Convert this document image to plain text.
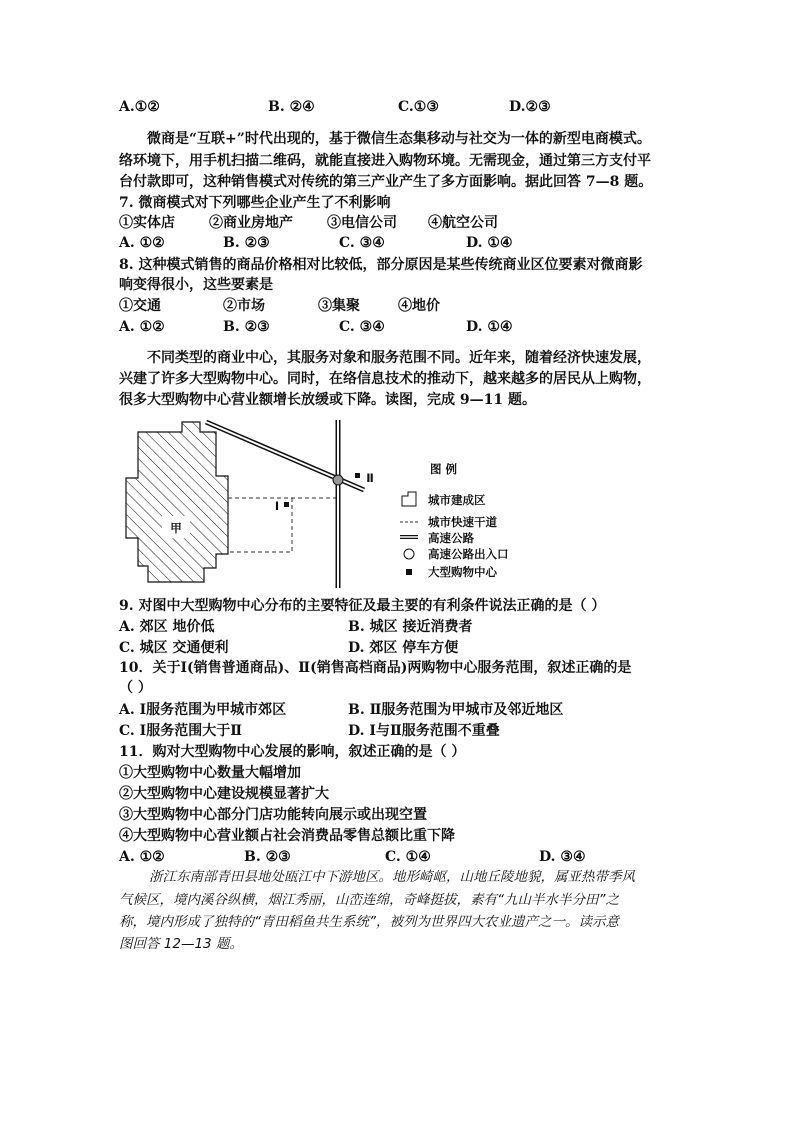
A.①②	B. ②④	C.①③	D.②③
微商是“互联+”时代出现的，基于微信生态集移动与社交为一体的新型电商模式。
络环境下，用手机扫描二维码，就能直接进入购物环境。无需现金，通过第三方支付平
台付款即可，这种销售模式对传统的第三产业产生了多方面影响。据此回答 7—8 题。
7. 微商模式对下列哪些企业产生了不利影响
①实体店 ②商业房地产 ③电信公司 ④航空公司
A. ①②	B. ②③	C. ③④	D. ①④
8. 这种模式销售的商品价格相对比较低，部分原因是某些传统商业区位要素对微商影
响变得很小，这些要素是
①交通	②市场	③集聚	④地价
A. ①②	B. ②③	C. ③④	D. ①④
不同类型的商业中心，其服务对象和服务范围不同。近年来，随着经济快速发展，
兴建了许多大型购物中心。同时，在络信息技术的推动下，越来越多的居民从上购物，
很多大型购物中心营业额增长放缓或下降。读图，完成 9—11 题。
甲
Ⅰ
Ⅱ
图 例
城市建成区
城市快速干道
高速公路
高速公路出入口
大型购物中心
9. 对图中大型购物中心分布的主要特征及最主要的有利条件说法正确的是（ ）
A. 郊区 地价低	B. 城区 接近消费者
C. 城区 交通便利	D. 郊区 停车方便
10．关于Ⅰ(销售普通商品)、Ⅱ(销售高档商品)两购物中心服务范围，叙述正确的是
（ ）
A. Ⅰ服务范围为甲城市郊区	B. Ⅱ服务范围为甲城市及邻近地区
C. Ⅰ服务范围大于Ⅱ	D. Ⅰ与Ⅱ服务范围不重叠
11．购对大型购物中心发展的影响，叙述正确的是（ ）
①大型购物中心数量大幅增加
②大型购物中心建设规模显著扩大
③大型购物中心部分门店功能转向展示或出现空置
④大型购物中心营业额占社会消费品零售总额比重下降
A. ①②	B. ②③	C. ①④	D. ③④
浙江东南部青田县地处瓯江中下游地区。地形崎岖，山地丘陵地貌，属亚热带季风
气候区，境内溪谷纵横，烟江秀丽，山峦连绵，奇峰挺拔，素有“九山半水半分田”之
称，境内形成了独特的“青田稻鱼共生系统”，被列为世界四大农业遗产之一。读示意
图回答 12—13 题。
